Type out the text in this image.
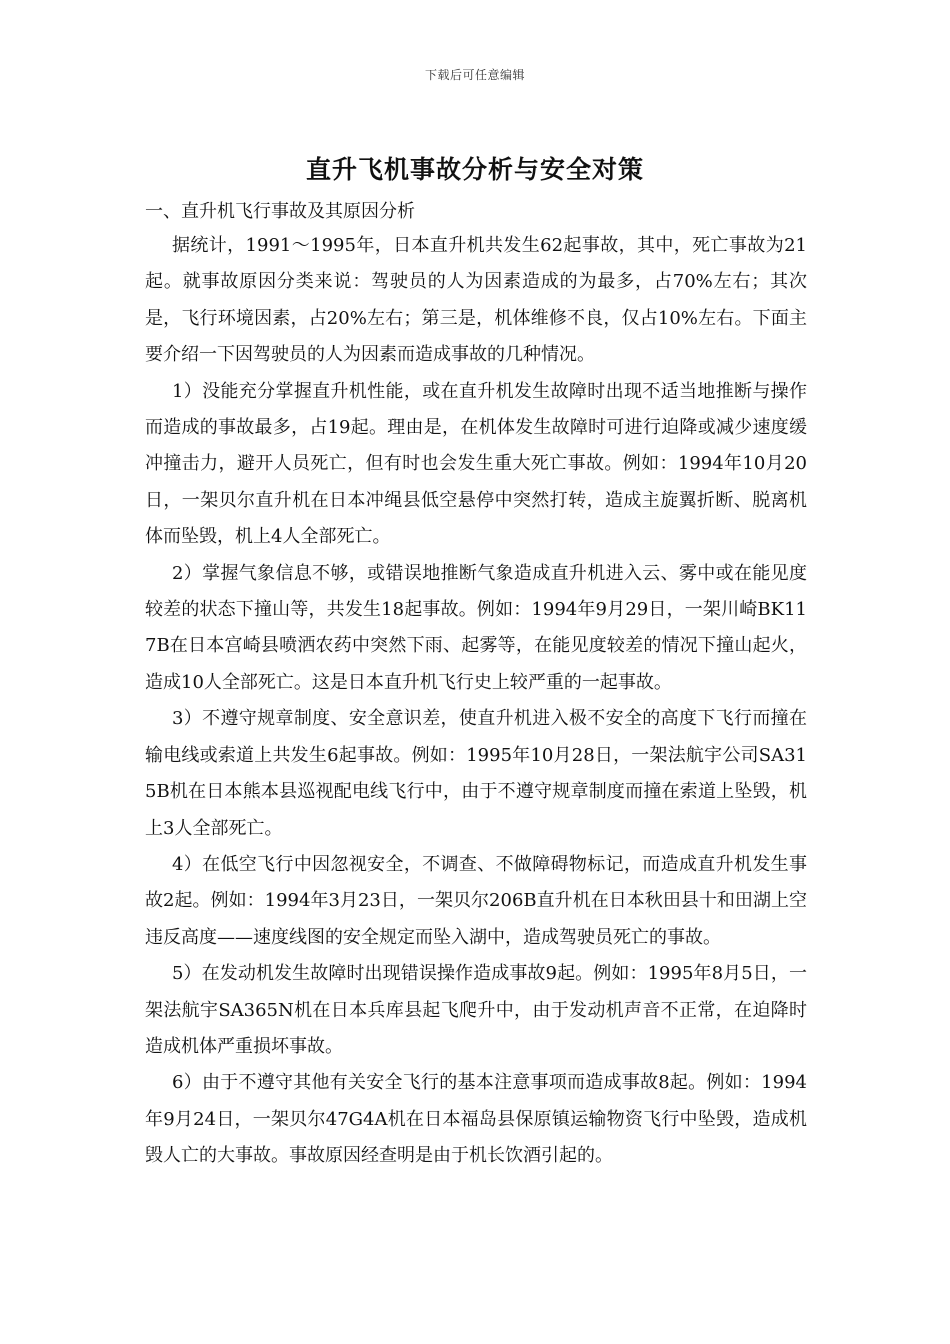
下载后可任意编辑
直升飞机事故分析与安全对策

一、直升机飞行事故及其原因分析

据统计，1991～1995年，日本直升机共发生62起事故，其中，死亡事故为21起。就事故原因分类来说：驾驶员的人为因素造成的为最多，占70%左右；其次是，飞行环境因素，占20%左右；第三是，机体维修不良，仅占10%左右。下面主要介绍一下因驾驶员的人为因素而造成事故的几种情况。

1）没能充分掌握直升机性能，或在直升机发生故障时出现不适当地推断与操作而造成的事故最多，占19起。理由是，在机体发生故障时可进行迫降或减少速度缓冲撞击力，避开人员死亡，但有时也会发生重大死亡事故。例如：1994年10月20日，一架贝尔直升机在日本冲绳县低空悬停中突然打转，造成主旋翼折断、脱离机体而坠毁，机上4人全部死亡。

2）掌握气象信息不够，或错误地推断气象造成直升机进入云、雾中或在能见度较差的状态下撞山等，共发生18起事故。例如：1994年9月29日，一架川崎BK117B在日本宫崎县喷洒农药中突然下雨、起雾等，在能见度较差的情况下撞山起火，造成10人全部死亡。这是日本直升机飞行史上较严重的一起事故。

3）不遵守规章制度、安全意识差，使直升机进入极不安全的高度下飞行而撞在输电线或索道上共发生6起事故。例如：1995年10月28日，一架法航宇公司SA315B机在日本熊本县巡视配电线飞行中，由于不遵守规章制度而撞在索道上坠毁，机上3人全部死亡。

4）在低空飞行中因忽视安全，不调查、不做障碍物标记，而造成直升机发生事故2起。例如：1994年3月23日，一架贝尔206B直升机在日本秋田县十和田湖上空违反高度——速度线图的安全规定而坠入湖中，造成驾驶员死亡的事故。

5）在发动机发生故障时出现错误操作造成事故9起。例如：1995年8月5日，一架法航宇SA365N机在日本兵库县起飞爬升中，由于发动机声音不正常，在迫降时造成机体严重损坏事故。

6）由于不遵守其他有关安全飞行的基本注意事项而造成事故8起。例如：1994年9月24日，一架贝尔47G4A机在日本福岛县保原镇运输物资飞行中坠毁，造成机毁人亡的大事故。事故原因经查明是由于机长饮酒引起的。
